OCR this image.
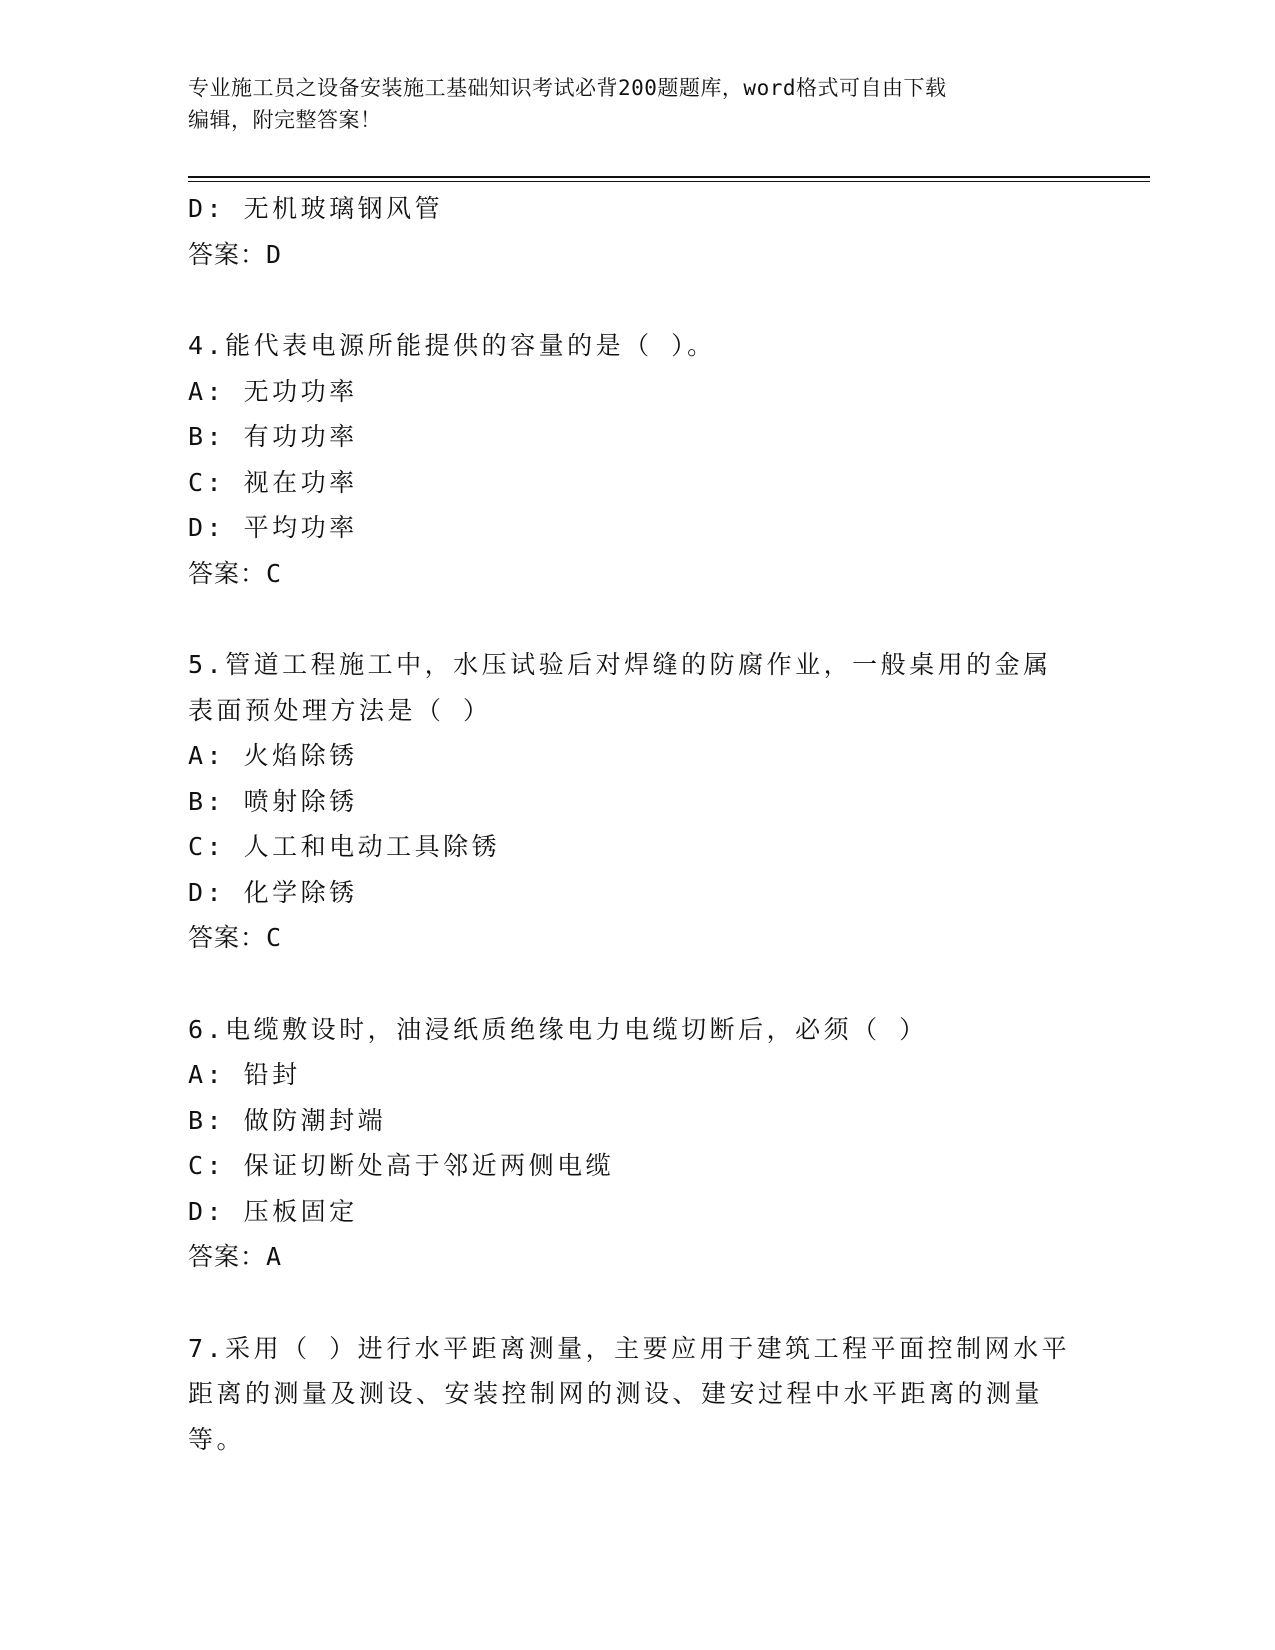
专业施工员之设备安装施工基础知识考试必背200题题库，word格式可自由下载
编辑，附完整答案！
D: 无机玻璃钢风管
答案：D
4.能代表电源所能提供的容量的是（ ）。
A: 无功功率
B: 有功功率
C: 视在功率
D: 平均功率
答案：C
5.管道工程施工中，水压试验后对焊缝的防腐作业，一般桌用的金属
表面预处理方法是（ ）
A: 火焰除锈
B: 喷射除锈
C: 人工和电动工具除锈
D: 化学除锈
答案：C
6.电缆敷设时，油浸纸质绝缘电力电缆切断后，必须（ ）
A: 铅封
B: 做防潮封端
C: 保证切断处高于邻近两侧电缆
D: 压板固定
答案：A
7.采用（ ）进行水平距离测量，主要应用于建筑工程平面控制网水平
距离的测量及测设、安装控制网的测设、建安过程中水平距离的测量
等。
